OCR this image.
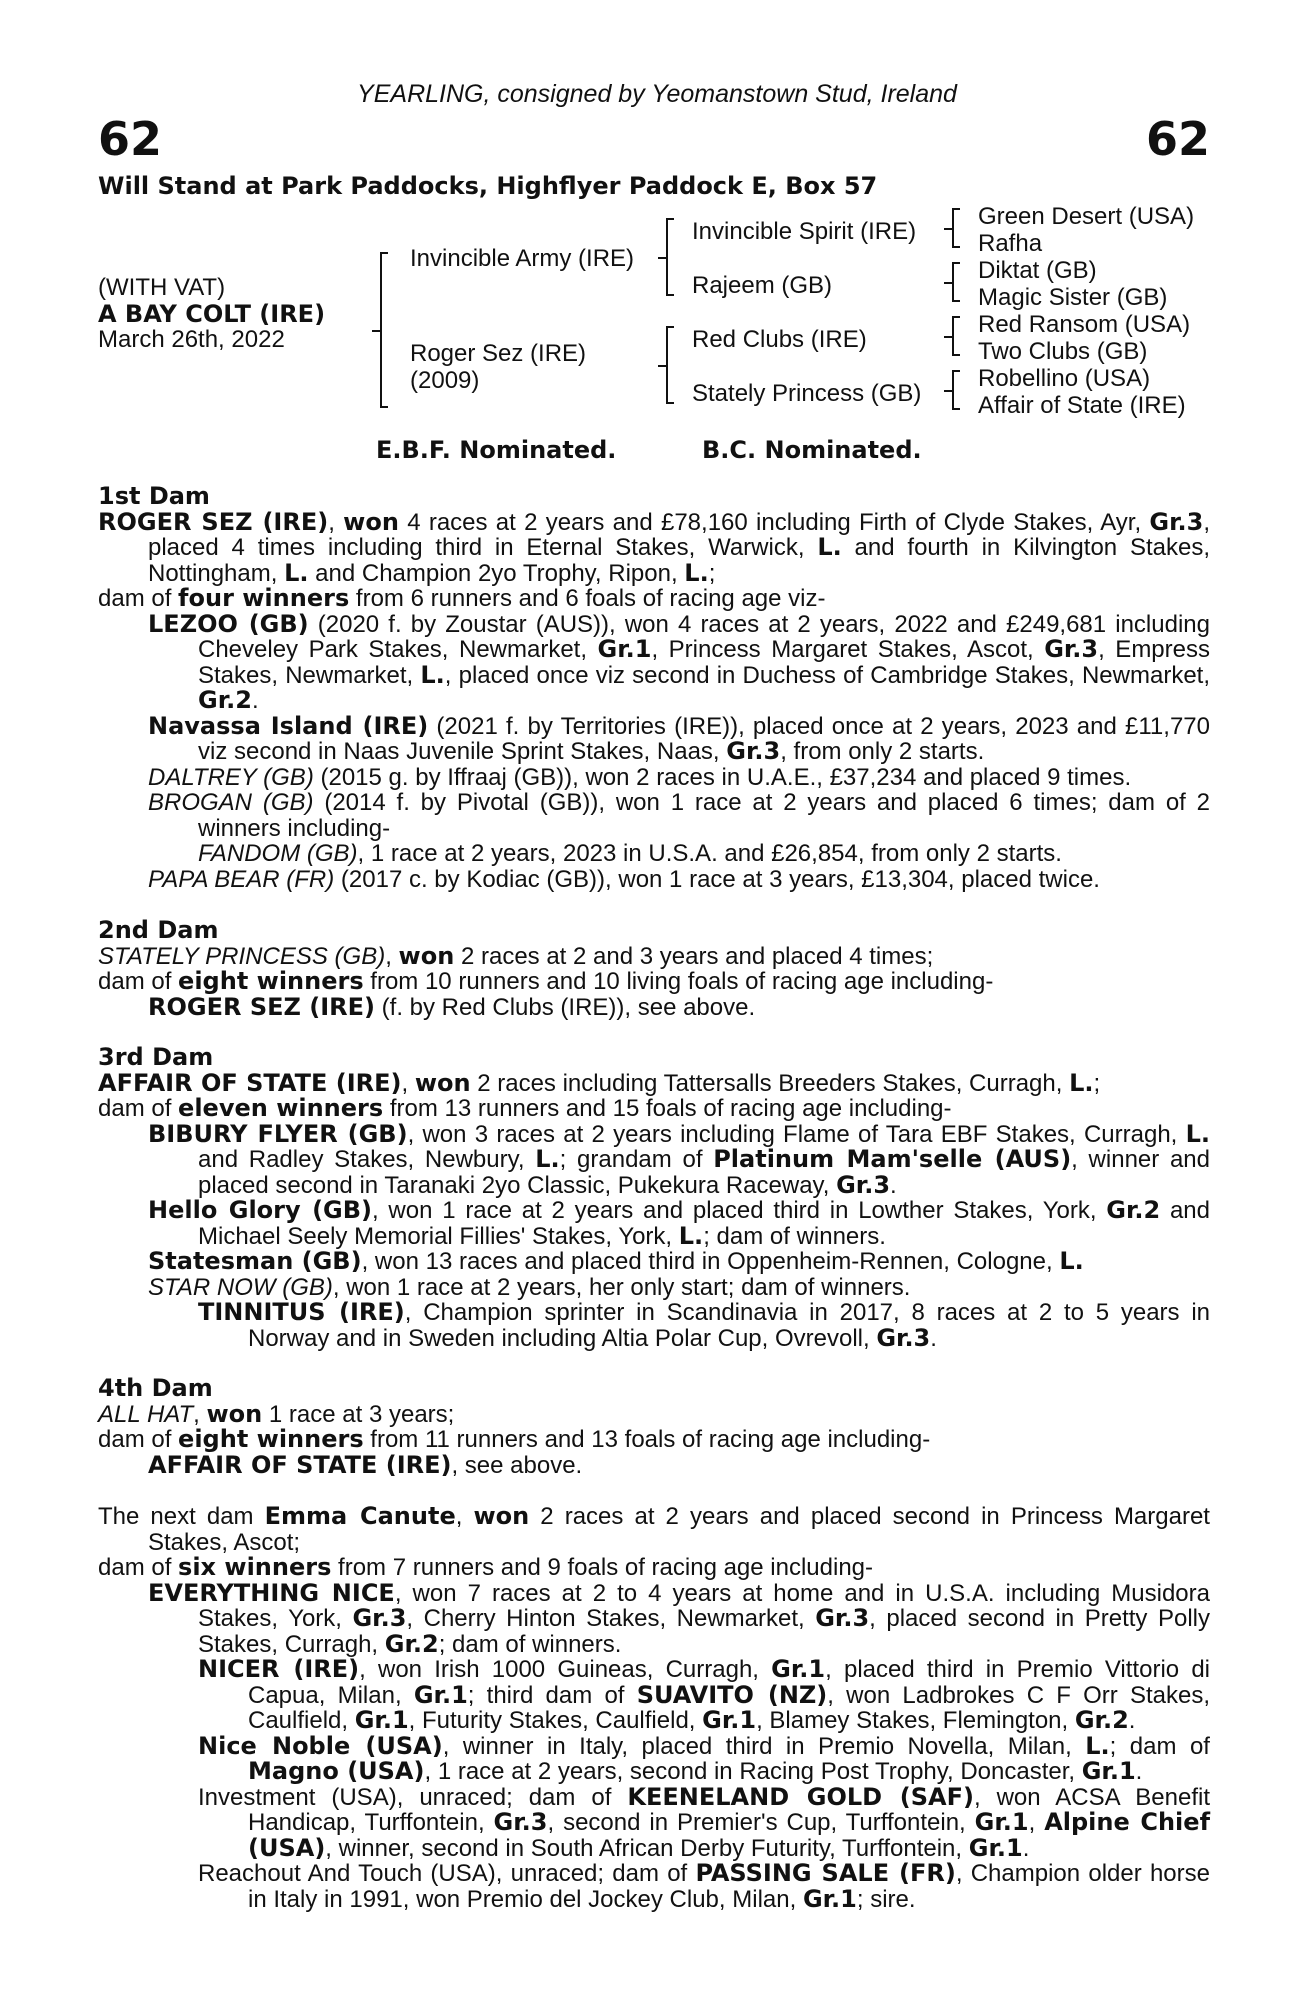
YEARLING, consigned by Yeomanstown Stud, Ireland
62	62
Will Stand at Park Paddocks, Highflyer Paddock E, Box 57
(WITH VAT)
A BAY COLT (IRE)
March 26th, 2022
Invincible Army (IRE)
Roger Sez (IRE)
(2009)
Invincible Spirit (IRE)
Rajeem (GB)
Red Clubs (IRE)
Stately Princess (GB)
Green Desert (USA)
Rafha
Diktat (GB)
Magic Sister (GB)
Red Ransom (USA)
Two Clubs (GB)
Robellino (USA)
Affair of State (IRE)
E.B.F. Nominated.	B.C. Nominated.

1st Dam

ROGER SEZ (IRE), won 4 races at 2 years and £78,160 including Firth of Clyde Stakes, Ayr, Gr.3, placed 4 times including third in Eternal Stakes, Warwick, L. and fourth in Kilvington Stakes, Nottingham, L. and Champion 2yo Trophy, Ripon, L.;

dam of four winners from 6 runners and 6 foals of racing age viz-

LEZOO (GB) (2020 f. by Zoustar (AUS)), won 4 races at 2 years, 2022 and £249,681 including Cheveley Park Stakes, Newmarket, Gr.1, Princess Margaret Stakes, Ascot, Gr.3, Empress Stakes, Newmarket, L., placed once viz second in Duchess of Cambridge Stakes, Newmarket, Gr.2.

Navassa Island (IRE) (2021 f. by Territories (IRE)), placed once at 2 years, 2023 and £11,770 viz second in Naas Juvenile Sprint Stakes, Naas, Gr.3, from only 2 starts.

DALTREY (GB) (2015 g. by Iffraaj (GB)), won 2 races in U.A.E., £37,234 and placed 9 times.

BROGAN (GB) (2014 f. by Pivotal (GB)), won 1 race at 2 years and placed 6 times; dam of 2 winners including-

FANDOM (GB), 1 race at 2 years, 2023 in U.S.A. and £26,854, from only 2 starts.

PAPA BEAR (FR) (2017 c. by Kodiac (GB)), won 1 race at 3 years, £13,304, placed twice.

2nd Dam

STATELY PRINCESS (GB), won 2 races at 2 and 3 years and placed 4 times;

dam of eight winners from 10 runners and 10 living foals of racing age including-

ROGER SEZ (IRE) (f. by Red Clubs (IRE)), see above.

3rd Dam

AFFAIR OF STATE (IRE), won 2 races including Tattersalls Breeders Stakes, Curragh, L.;

dam of eleven winners from 13 runners and 15 foals of racing age including-

BIBURY FLYER (GB), won 3 races at 2 years including Flame of Tara EBF Stakes, Curragh, L. and Radley Stakes, Newbury, L.; grandam of Platinum Mam'selle (AUS), winner and placed second in Taranaki 2yo Classic, Pukekura Raceway, Gr.3.

Hello Glory (GB), won 1 race at 2 years and placed third in Lowther Stakes, York, Gr.2 and Michael Seely Memorial Fillies' Stakes, York, L.; dam of winners.

Statesman (GB), won 13 races and placed third in Oppenheim-Rennen, Cologne, L.

STAR NOW (GB), won 1 race at 2 years, her only start; dam of winners.

TINNITUS (IRE), Champion sprinter in Scandinavia in 2017, 8 races at 2 to 5 years in Norway and in Sweden including Altia Polar Cup, Ovrevoll, Gr.3.

4th Dam

ALL HAT, won 1 race at 3 years;

dam of eight winners from 11 runners and 13 foals of racing age including-

AFFAIR OF STATE (IRE), see above.

The next dam Emma Canute, won 2 races at 2 years and placed second in Princess Margaret Stakes, Ascot;

dam of six winners from 7 runners and 9 foals of racing age including-

EVERYTHING NICE, won 7 races at 2 to 4 years at home and in U.S.A. including Musidora Stakes, York, Gr.3, Cherry Hinton Stakes, Newmarket, Gr.3, placed second in Pretty Polly Stakes, Curragh, Gr.2; dam of winners.

NICER (IRE), won Irish 1000 Guineas, Curragh, Gr.1, placed third in Premio Vittorio di Capua, Milan, Gr.1; third dam of SUAVITO (NZ), won Ladbrokes C F Orr Stakes, Caulfield, Gr.1, Futurity Stakes, Caulfield, Gr.1, Blamey Stakes, Flemington, Gr.2.

Nice Noble (USA), winner in Italy, placed third in Premio Novella, Milan, L.; dam of Magno (USA), 1 race at 2 years, second in Racing Post Trophy, Doncaster, Gr.1.

Investment (USA), unraced; dam of KEENELAND GOLD (SAF), won ACSA Benefit Handicap, Turffontein, Gr.3, second in Premier's Cup, Turffontein, Gr.1, Alpine Chief (USA), winner, second in South African Derby Futurity, Turffontein, Gr.1.

Reachout And Touch (USA), unraced; dam of PASSING SALE (FR), Champion older horse in Italy in 1991, won Premio del Jockey Club, Milan, Gr.1; sire.
